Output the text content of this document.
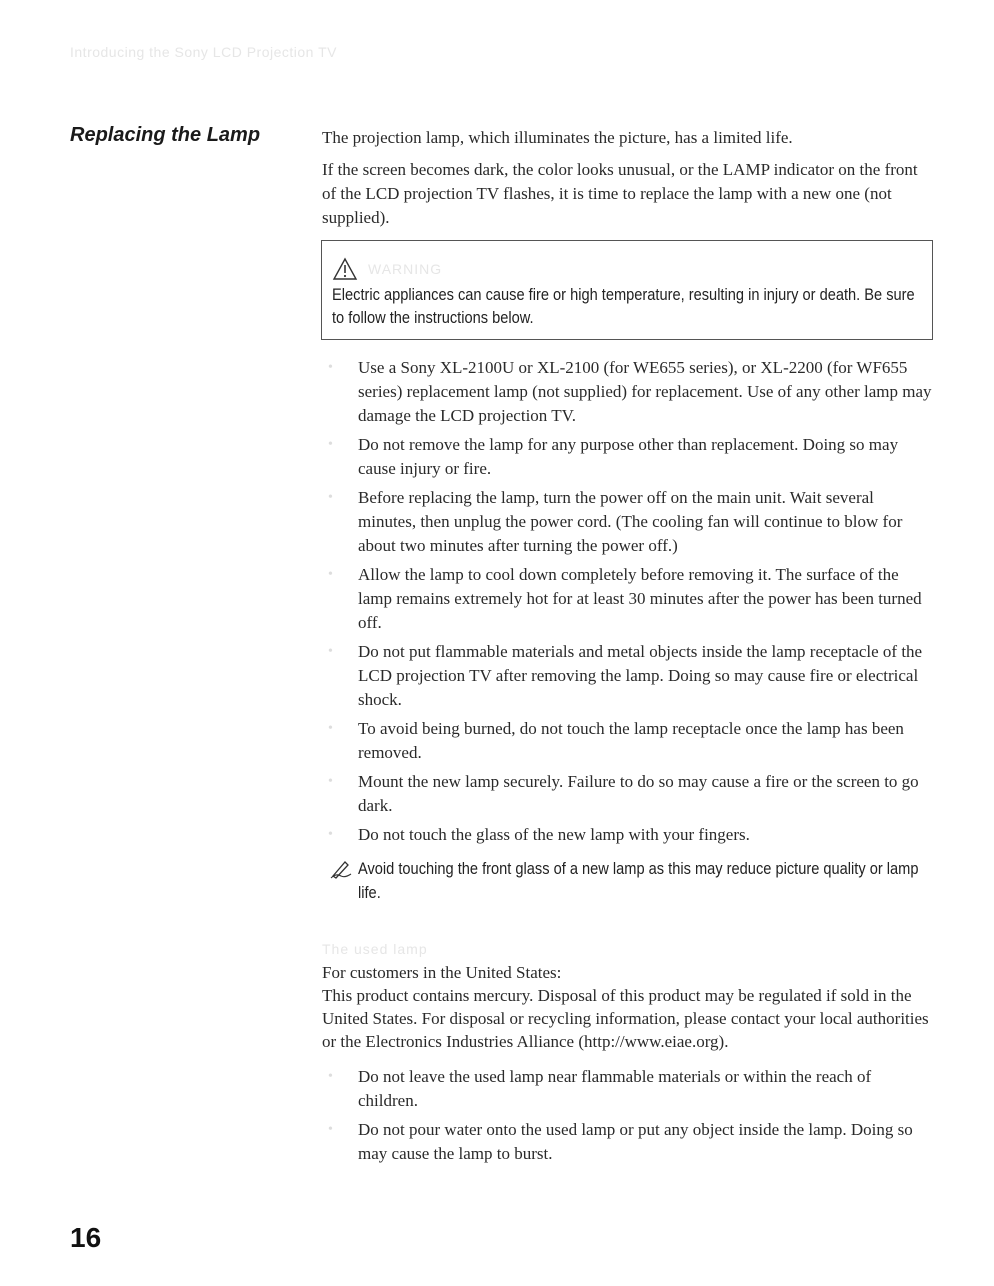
Introducing the Sony LCD Projection TV
Replacing the Lamp	The projection lamp, which illuminates the picture, has a limited life.

If the screen becomes dark, the color looks unusual, or the LAMP indicator on the front of the LCD projection TV flashes, it is time to replace the lamp with a new one (not supplied).

WARNING
Electric appliances can cause fire or high temperature, resulting in injury or death. Be sure to follow the instructions below.
• Use a Sony XL-2100U or XL-2100 (for WE655 series), or XL-2200 (for WF655 series) replacement lamp (not supplied) for replacement. Use of any other lamp may damage the LCD projection TV.
• Do not remove the lamp for any purpose other than replacement. Doing so may cause injury or fire.
• Before replacing the lamp, turn the power off on the main unit. Wait several minutes, then unplug the power cord. (The cooling fan will continue to blow for about two minutes after turning the power off.)
• Allow the lamp to cool down completely before removing it. The surface of the lamp remains extremely hot for at least 30 minutes after the power has been turned off.
• Do not put flammable materials and metal objects inside the lamp receptacle of the LCD projection TV after removing the lamp. Doing so may cause fire or electrical shock.
• To avoid being burned, do not touch the lamp receptacle once the lamp has been removed.
• Mount the new lamp securely. Failure to do so may cause a fire or the screen to go dark.
• Do not touch the glass of the new lamp with your fingers.
Avoid touching the front glass of a new lamp as this may reduce picture quality or lamp life.
The used lamp

For customers in the United States:

This product contains mercury. Disposal of this product may be regulated if sold in the United States. For disposal or recycling information, please contact your local authorities or the Electronics Industries Alliance (http://www.eiae.org).

• Do not leave the used lamp near flammable materials or within the reach of children.
• Do not pour water onto the used lamp or put any object inside the lamp. Doing so may cause the lamp to burst.
16
